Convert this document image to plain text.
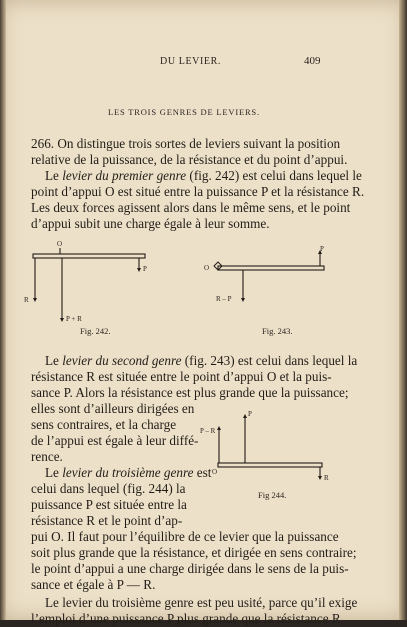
DU LEVIER.	409
LES TROIS GENRES DE LEVIERS.
266. On distingue trois sortes de leviers suivant la position
relative de la puissance, de la résistance et du point d’appui.
Le levier du premier genre (fig. 242) est celui dans lequel le
point d’appui O est situé entre la puissance P et la résistance R.
Les deux forces agissent alors dans le même sens, et le point
d’appui subit une charge égale à leur somme.
O
R
P + R
P
Fig. 242.
O
P
R – P
Fig. 243.
Le levier du second genre (fig. 243) est celui dans lequel la
résistance R est située entre le point d’appui O et la puis-
sance P. Alors la résistance est plus grande que la puissance;
elles sont d’ailleurs dirigées en
sens contraires, et la charge
de l’appui est égale à leur diffé-
rence.
P
P – R
O
R
Fig 244.
Le levier du troisième genre est
celui dans lequel (fig. 244) la
puissance P est située entre la
résistance R et le point d’ap-
pui O. Il faut pour l’équilibre de ce levier que la puissance
soit plus grande que la résistance, et dirigée en sens contraire;
le point d’appui a une charge dirigée dans le sens de la puis-
sance et égale à P — R.
Le levier du troisième genre est peu usité, parce qu’il exige
l’emploi d’une puissance P plus grande que la résistance R
